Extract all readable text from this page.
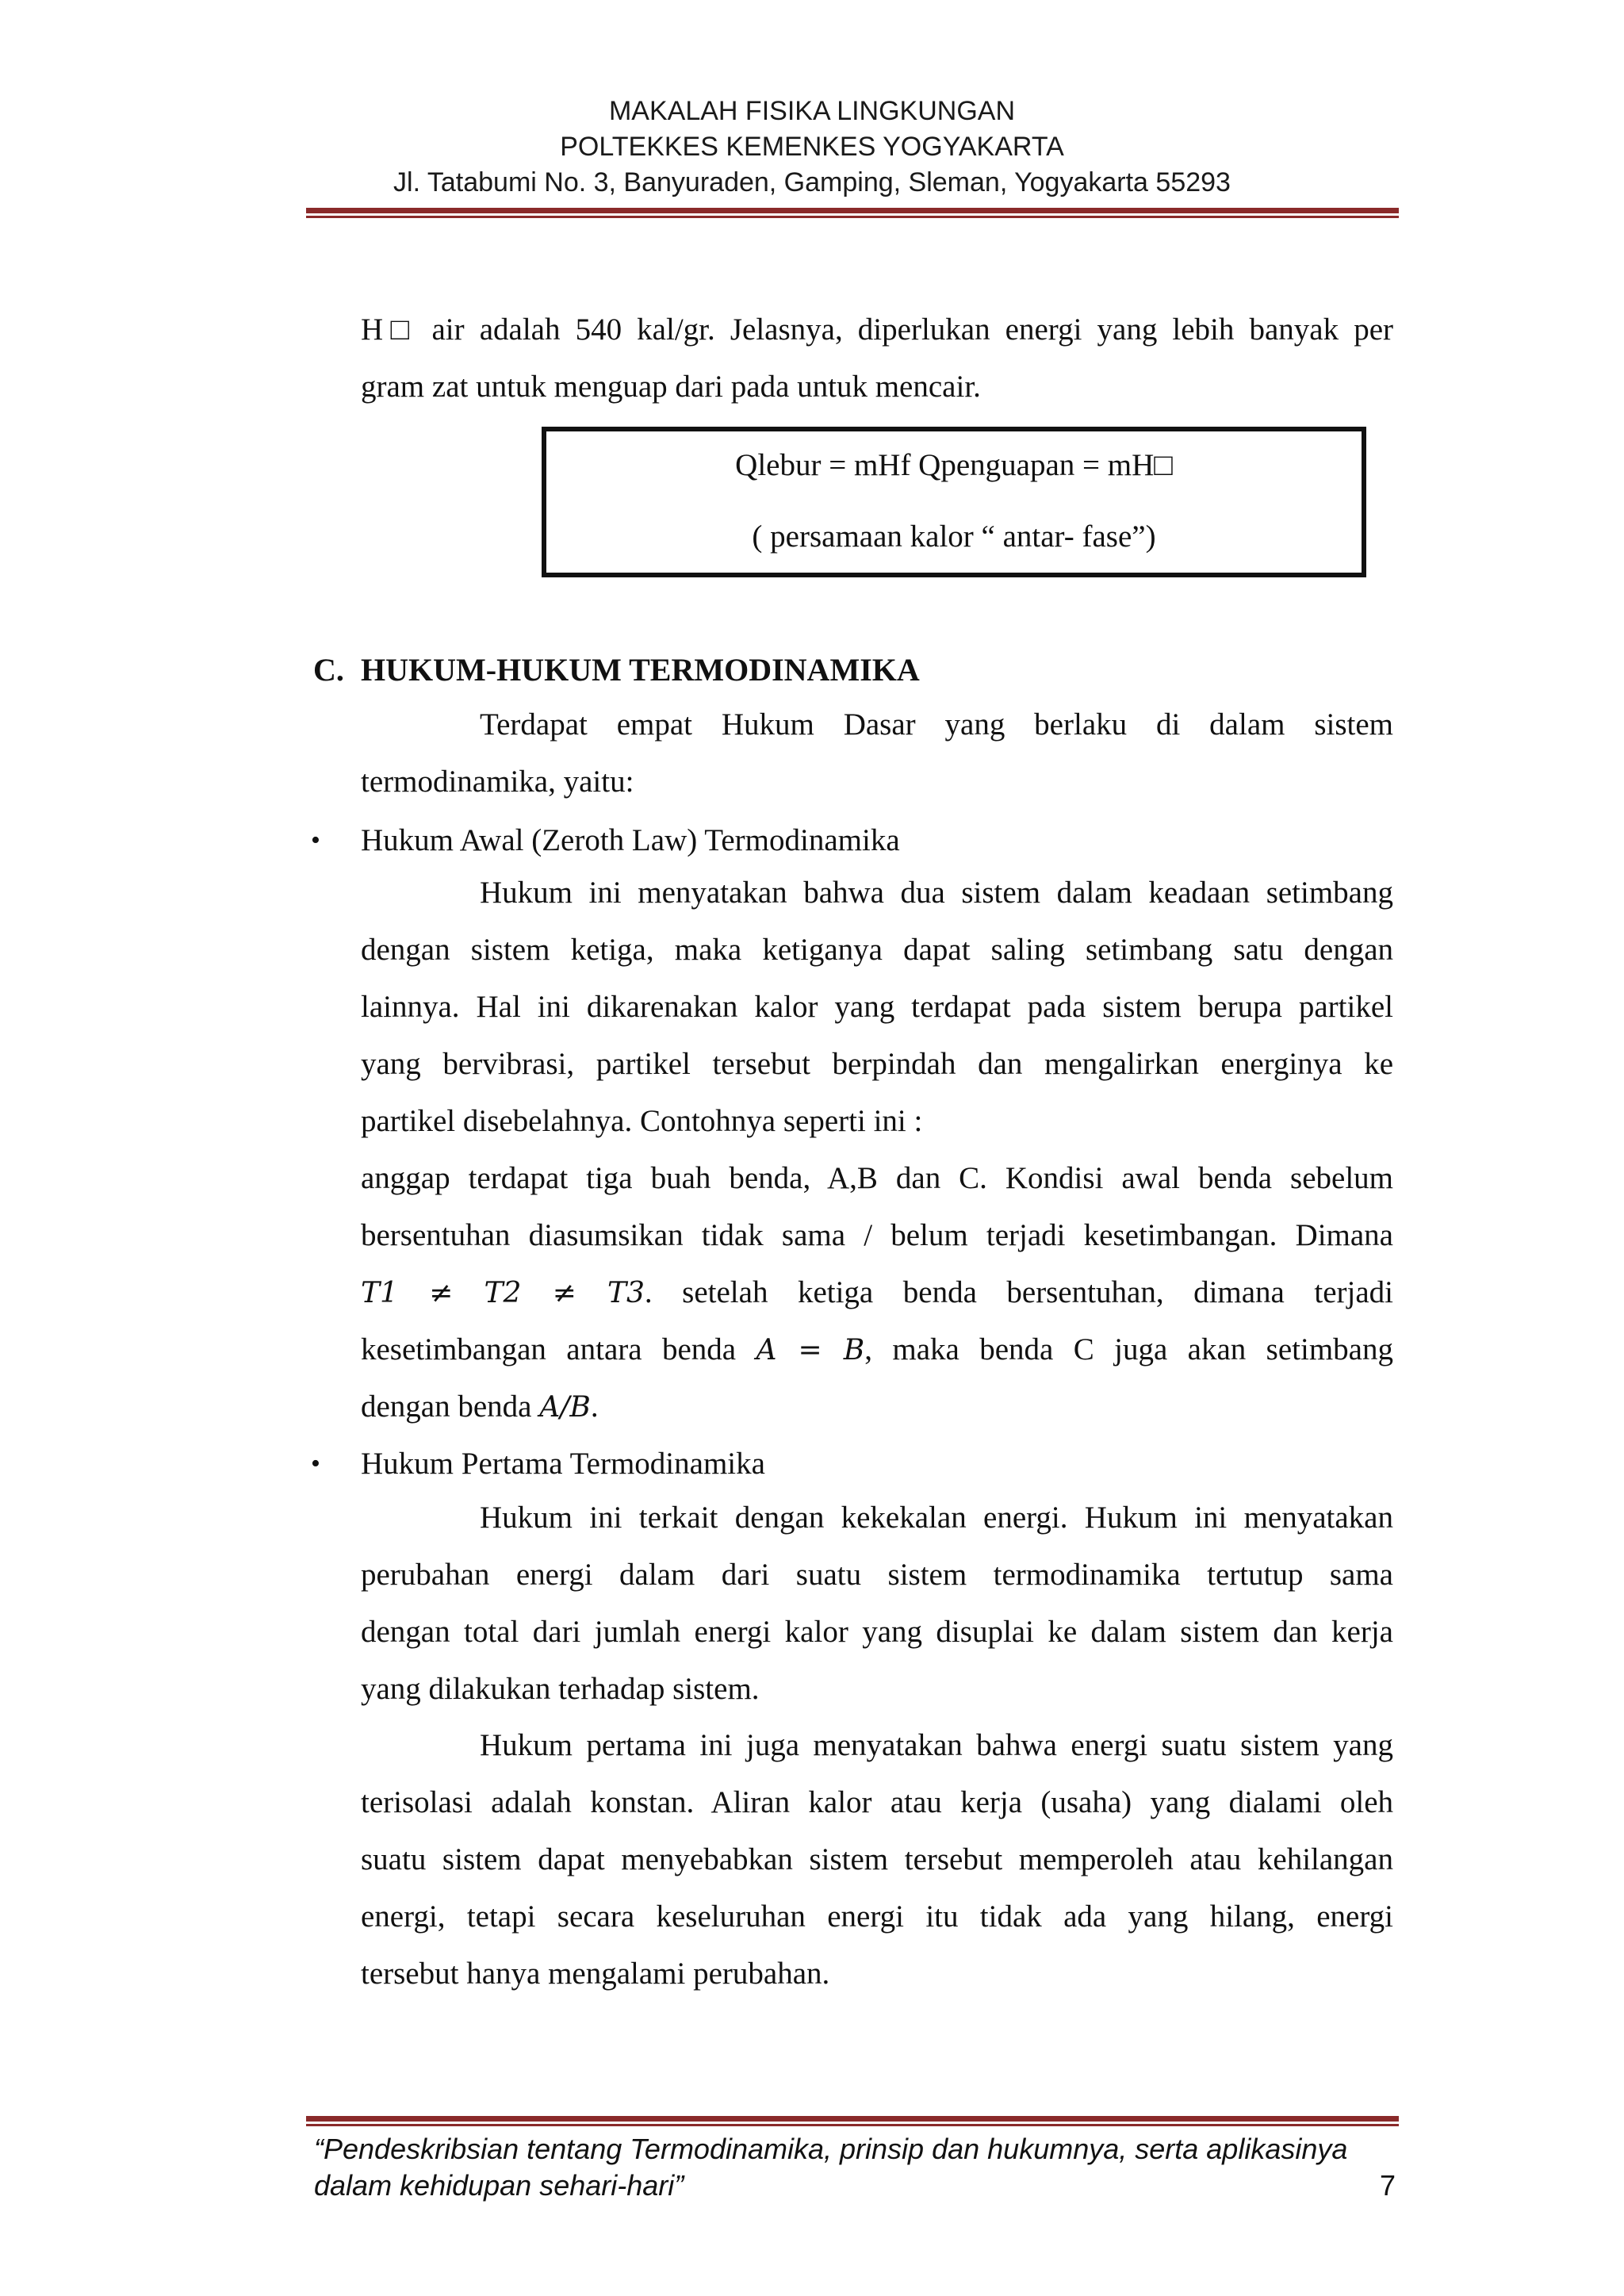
MAKALAH FISIKA LINGKUNGAN
POLTEKKES KEMENKES YOGYAKARTA
Jl. Tatabumi No. 3, Banyuraden, Gamping, Sleman, Yogyakarta 55293
H□ air adalah 540 kal/gr. Jelasnya, diperlukan energi yang lebih banyak per
gram zat untuk menguap dari pada untuk mencair.
Qlebur = mHf Qpenguapan = mH□
( persamaan kalor “ antar- fase”)
C. HUKUM-HUKUM TERMODINAMIKA
Terdapat empat Hukum Dasar yang berlaku di dalam sistem
termodinamika, yaitu:
• Hukum Awal (Zeroth Law) Termodinamika
Hukum ini menyatakan bahwa dua sistem dalam keadaan setimbang
dengan sistem ketiga, maka ketiganya dapat saling setimbang satu dengan
lainnya. Hal ini dikarenakan kalor yang terdapat pada sistem berupa partikel
yang bervibrasi, partikel tersebut berpindah dan mengalirkan energinya ke
partikel disebelahnya. Contohnya seperti ini :
anggap terdapat tiga buah benda, A,B dan C. Kondisi awal benda sebelum
bersentuhan diasumsikan tidak sama / belum terjadi kesetimbangan. Dimana
T1 ≠ T2 ≠ T3. setelah ketiga benda bersentuhan, dimana terjadi
kesetimbangan antara benda A = B, maka benda C juga akan setimbang
dengan benda A/B.
• Hukum Pertama Termodinamika
Hukum ini terkait dengan kekekalan energi. Hukum ini menyatakan
perubahan energi dalam dari suatu sistem termodinamika tertutup sama
dengan total dari jumlah energi kalor yang disuplai ke dalam sistem dan kerja
yang dilakukan terhadap sistem.
Hukum pertama ini juga menyatakan bahwa energi suatu sistem yang
terisolasi adalah konstan. Aliran kalor atau kerja (usaha) yang dialami oleh
suatu sistem dapat menyebabkan sistem tersebut memperoleh atau kehilangan
energi, tetapi secara keseluruhan energi itu tidak ada yang hilang, energi
tersebut hanya mengalami perubahan.
“Pendeskribsian tentang Termodinamika, prinsip dan hukumnya, serta aplikasinya
dalam kehidupan sehari-hari”	7
